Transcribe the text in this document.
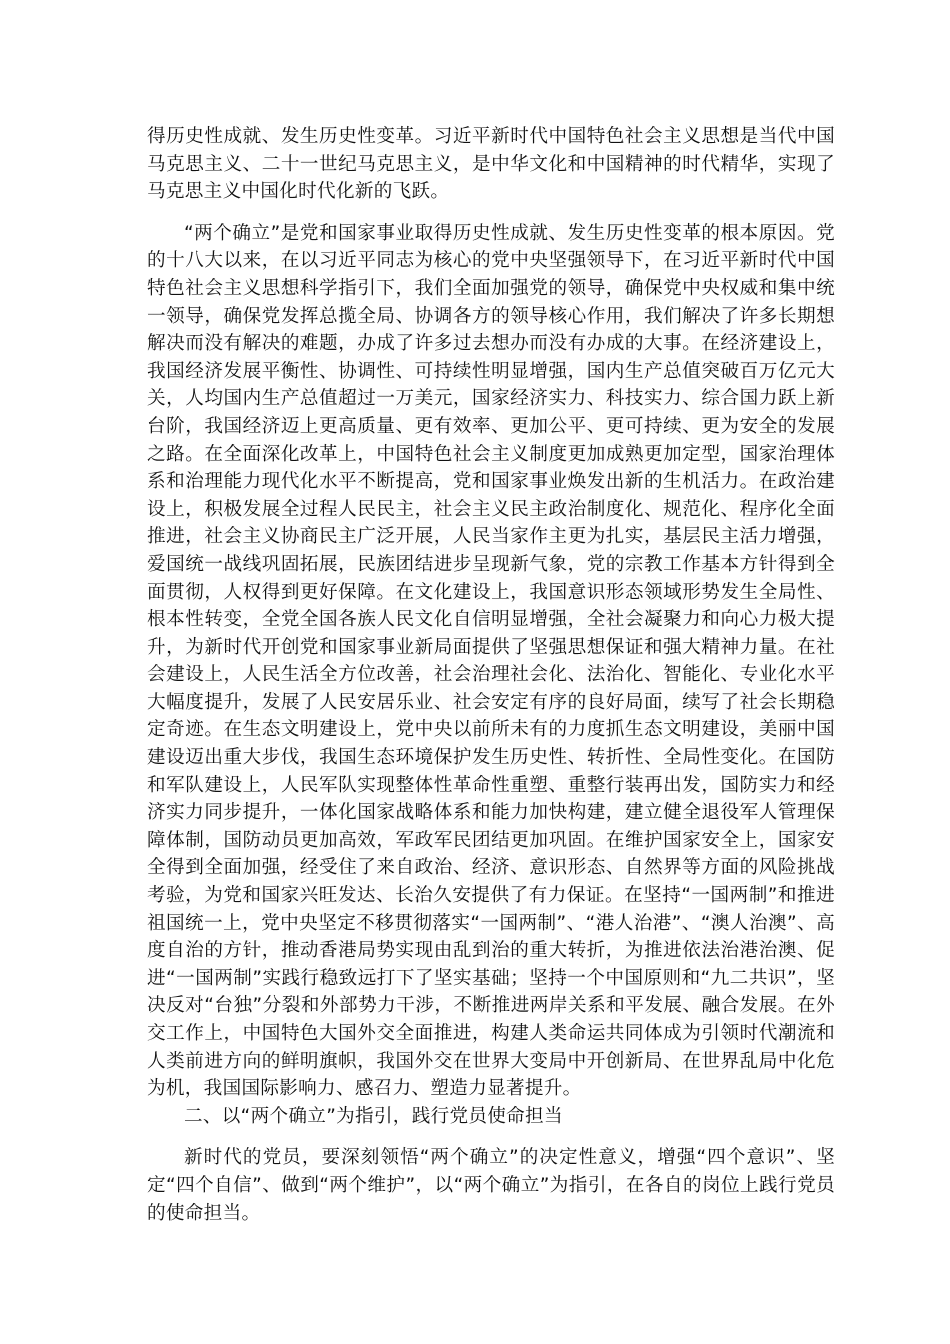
得历史性成就、发生历史性变革。习近平新时代中国特色社会主义思想是当代中国马克思主义、二十一世纪马克思主义，是中华文化和中国精神的时代精华，实现了马克思主义中国化时代化新的飞跃。

“两个确立”是党和国家事业取得历史性成就、发生历史性变革的根本原因。党的十八大以来，在以习近平同志为核心的党中央坚强领导下，在习近平新时代中国特色社会主义思想科学指引下，我们全面加强党的领导，确保党中央权威和集中统一领导，确保党发挥总揽全局、协调各方的领导核心作用，我们解决了许多长期想解决而没有解决的难题，办成了许多过去想办而没有办成的大事。在经济建设上，我国经济发展平衡性、协调性、可持续性明显增强，国内生产总值突破百万亿元大关，人均国内生产总值超过一万美元，国家经济实力、科技实力、综合国力跃上新台阶，我国经济迈上更高质量、更有效率、更加公平、更可持续、更为安全的发展之路。在全面深化改革上，中国特色社会主义制度更加成熟更加定型，国家治理体系和治理能力现代化水平不断提高，党和国家事业焕发出新的生机活力。在政治建设上，积极发展全过程人民民主，社会主义民主政治制度化、规范化、程序化全面推进，社会主义协商民主广泛开展，人民当家作主更为扎实，基层民主活力增强，爱国统一战线巩固拓展，民族团结进步呈现新气象，党的宗教工作基本方针得到全面贯彻，人权得到更好保障。在文化建设上，我国意识形态领域形势发生全局性、根本性转变，全党全国各族人民文化自信明显增强，全社会凝聚力和向心力极大提升，为新时代开创党和国家事业新局面提供了坚强思想保证和强大精神力量。在社会建设上，人民生活全方位改善，社会治理社会化、法治化、智能化、专业化水平大幅度提升，发展了人民安居乐业、社会安定有序的良好局面，续写了社会长期稳定奇迹。在生态文明建设上，党中央以前所未有的力度抓生态文明建设，美丽中国建设迈出重大步伐，我国生态环境保护发生历史性、转折性、全局性变化。在国防和军队建设上，人民军队实现整体性革命性重塑、重整行装再出发，国防实力和经济实力同步提升，一体化国家战略体系和能力加快构建，建立健全退役军人管理保障体制，国防动员更加高效，军政军民团结更加巩固。在维护国家安全上，国家安全得到全面加强，经受住了来自政治、经济、意识形态、自然界等方面的风险挑战考验，为党和国家兴旺发达、长治久安提供了有力保证。在坚持“一国两制”和推进祖国统一上，党中央坚定不移贯彻落实“一国两制”、“港人治港”、“澳人治澳”、高度自治的方针，推动香港局势实现由乱到治的重大转折，为推进依法治港治澳、促进“一国两制”实践行稳致远打下了坚实基础；坚持一个中国原则和“九二共识”，坚决反对“台独”分裂和外部势力干涉，不断推进两岸关系和平发展、融合发展。在外交工作上，中国特色大国外交全面推进，构建人类命运共同体成为引领时代潮流和人类前进方向的鲜明旗帜，我国外交在世界大变局中开创新局、在世界乱局中化危为机，我国国际影响力、感召力、塑造力显著提升。

二、以“两个确立”为指引，践行党员使命担当

新时代的党员，要深刻领悟“两个确立”的决定性意义，增强“四个意识”、坚定“四个自信”、做到“两个维护”，以“两个确立”为指引，在各自的岗位上践行党员的使命担当。
